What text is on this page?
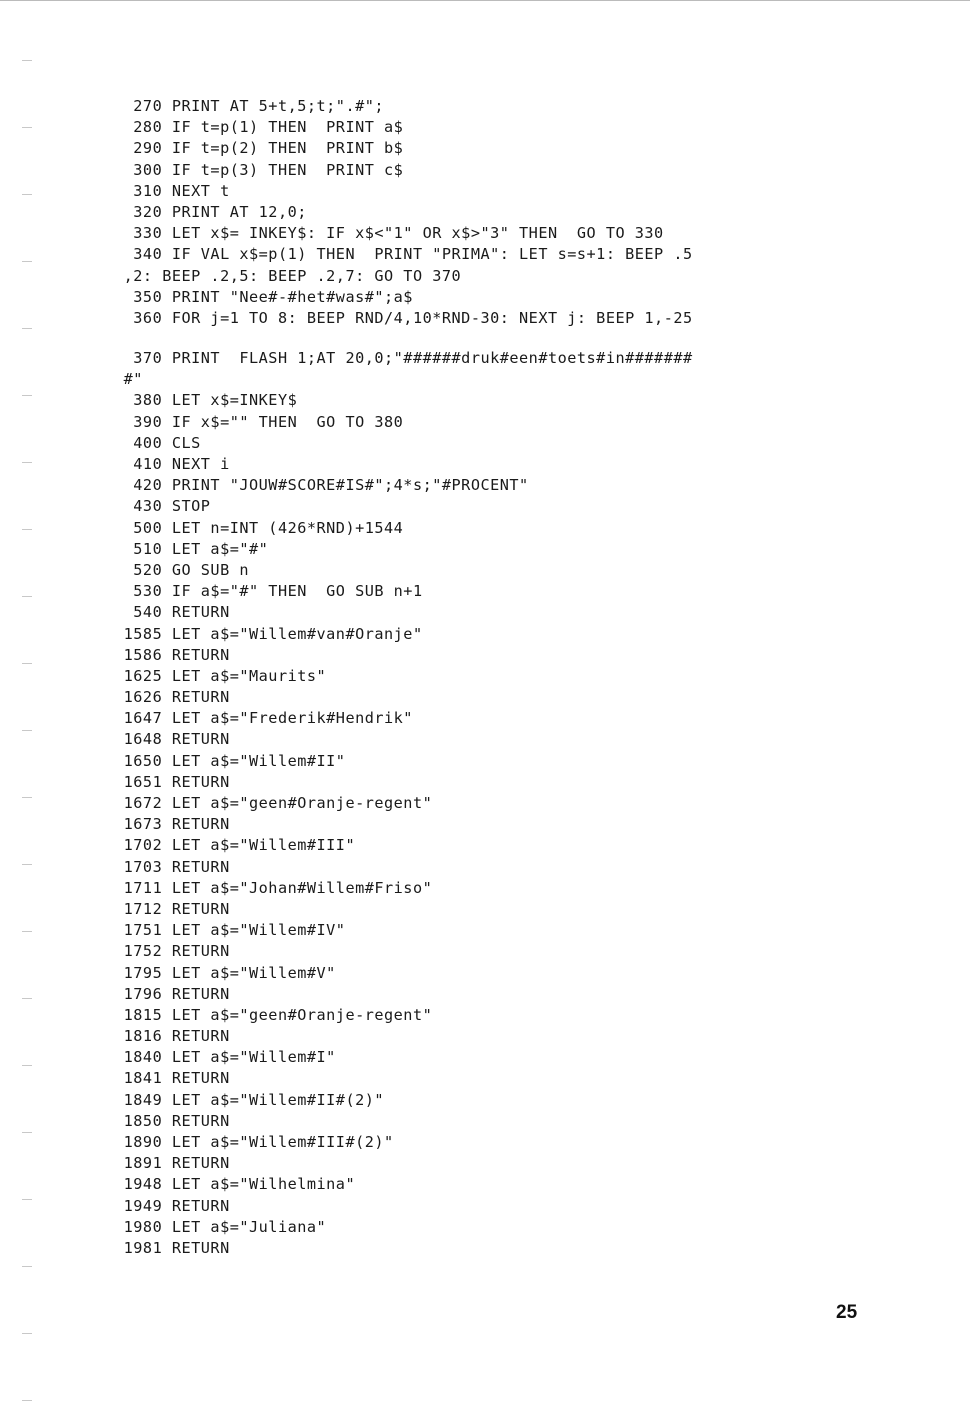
270 PRINT AT 5+t,5;t;".#";
280 IF t=p(1) THEN  PRINT a$
290 IF t=p(2) THEN  PRINT b$
300 IF t=p(3) THEN  PRINT c$
310 NEXT t
320 PRINT AT 12,0;
330 LET x$= INKEY$: IF x$<"1" OR x$>"3" THEN  GO TO 330
340 IF VAL x$=p(1) THEN  PRINT "PRIMA": LET s=s+1: BEEP .5
,2: BEEP .2,5: BEEP .2,7: GO TO 370
350 PRINT "Nee#-#het#was#";a$
360 FOR j=1 TO 8: BEEP RND/4,10*RND-30: NEXT j: BEEP 1,-25
370 PRINT  FLASH 1;AT 20,0;"######druk#een#toets#in#######
#"
380 LET x$=INKEY$
390 IF x$="" THEN  GO TO 380
400 CLS
410 NEXT i
420 PRINT "JOUW#SCORE#IS#";4*s;"#PROCENT"
430 STOP
500 LET n=INT (426*RND)+1544
510 LET a$="#"
520 GO SUB n
530 IF a$="#" THEN  GO SUB n+1
540 RETURN
1585 LET a$="Willem#van#Oranje"
1586 RETURN
1625 LET a$="Maurits"
1626 RETURN
1647 LET a$="Frederik#Hendrik"
1648 RETURN
1650 LET a$="Willem#II"
1651 RETURN
1672 LET a$="geen#Oranje-regent"
1673 RETURN
1702 LET a$="Willem#III"
1703 RETURN
1711 LET a$="Johan#Willem#Friso"
1712 RETURN
1751 LET a$="Willem#IV"
1752 RETURN
1795 LET a$="Willem#V"
1796 RETURN
1815 LET a$="geen#Oranje-regent"
1816 RETURN
1840 LET a$="Willem#I"
1841 RETURN
1849 LET a$="Willem#II#(2)"
1850 RETURN
1890 LET a$="Willem#III#(2)"
1891 RETURN
1948 LET a$="Wilhelmina"
1949 RETURN
1980 LET a$="Juliana"
1981 RETURN
25
